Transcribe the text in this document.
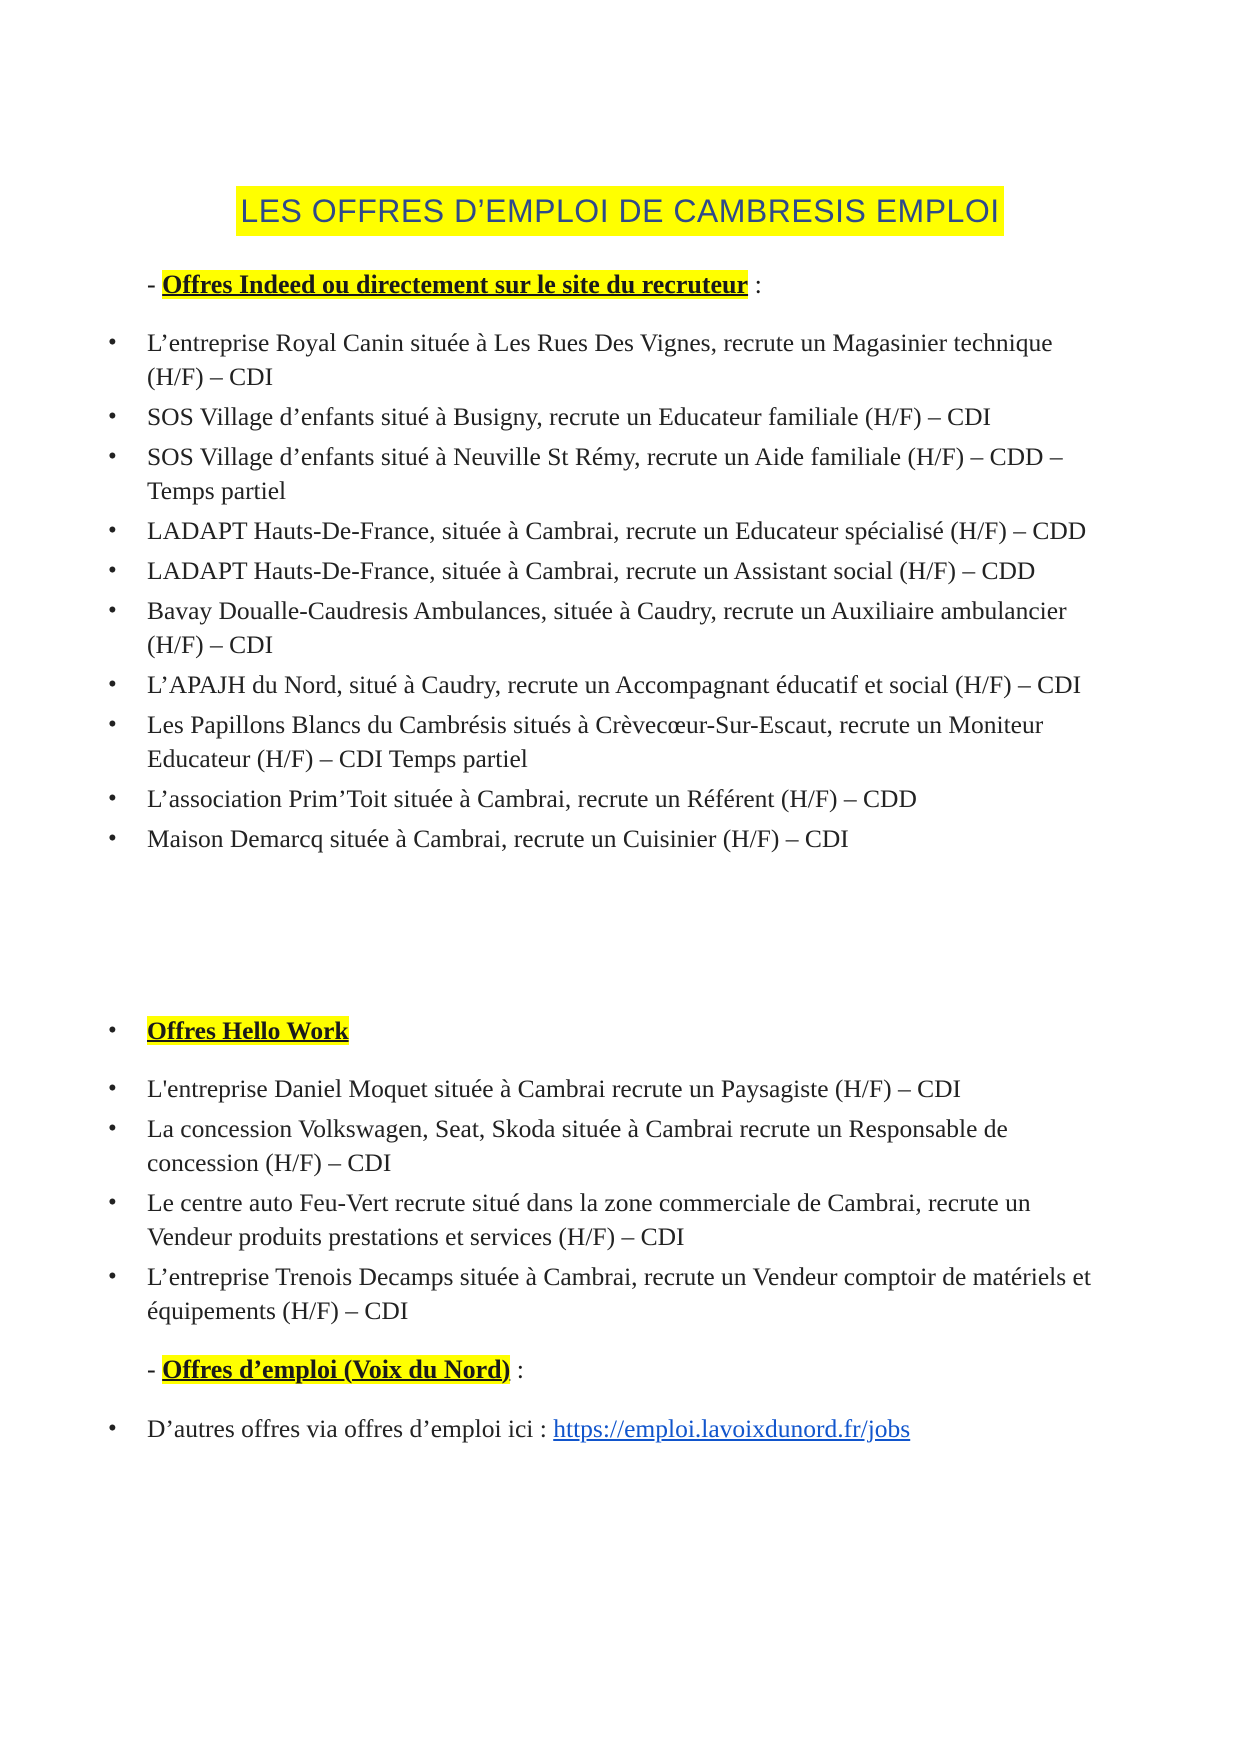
LES OFFRES D’EMPLOI DE CAMBRESIS EMPLOI
- Offres Indeed ou directement sur le site du recruteur :
• L’entreprise Royal Canin située à Les Rues Des Vignes, recrute un Magasinier technique (H/F) – CDI
• SOS Village d’enfants situé à Busigny, recrute un Educateur familiale (H/F) – CDI
• SOS Village d’enfants situé à Neuville St Rémy, recrute un Aide familiale (H/F) – CDD – Temps partiel
• LADAPT Hauts-De-France, située à Cambrai, recrute un Educateur spécialisé (H/F) – CDD
• LADAPT Hauts-De-France, située à Cambrai, recrute un Assistant social (H/F) – CDD
• Bavay Doualle-Caudresis Ambulances, située à Caudry, recrute un Auxiliaire ambulancier (H/F) – CDI
• L’APAJH du Nord, situé à Caudry, recrute un Accompagnant éducatif et social (H/F) – CDI
• Les Papillons Blancs du Cambrésis situés à Crèvecœur-Sur-Escaut, recrute un Moniteur Educateur (H/F) – CDI Temps partiel
• L’association Prim’Toit située à Cambrai, recrute un Référent (H/F) – CDD
• Maison Demarcq située à Cambrai, recrute un Cuisinier (H/F) – CDI
• Offres Hello Work
• L'entreprise Daniel Moquet située à Cambrai recrute un Paysagiste (H/F) – CDI
• La concession Volkswagen, Seat, Skoda située à Cambrai recrute un Responsable de concession (H/F) – CDI
• Le centre auto Feu-Vert recrute situé dans la zone commerciale de Cambrai, recrute un Vendeur produits prestations et services (H/F) – CDI
• L’entreprise Trenois Decamps située à Cambrai, recrute un Vendeur comptoir de matériels et équipements (H/F) – CDI
- Offres d’emploi (Voix du Nord) :
• D’autres offres via offres d’emploi ici : https://emploi.lavoixdunord.fr/jobs
